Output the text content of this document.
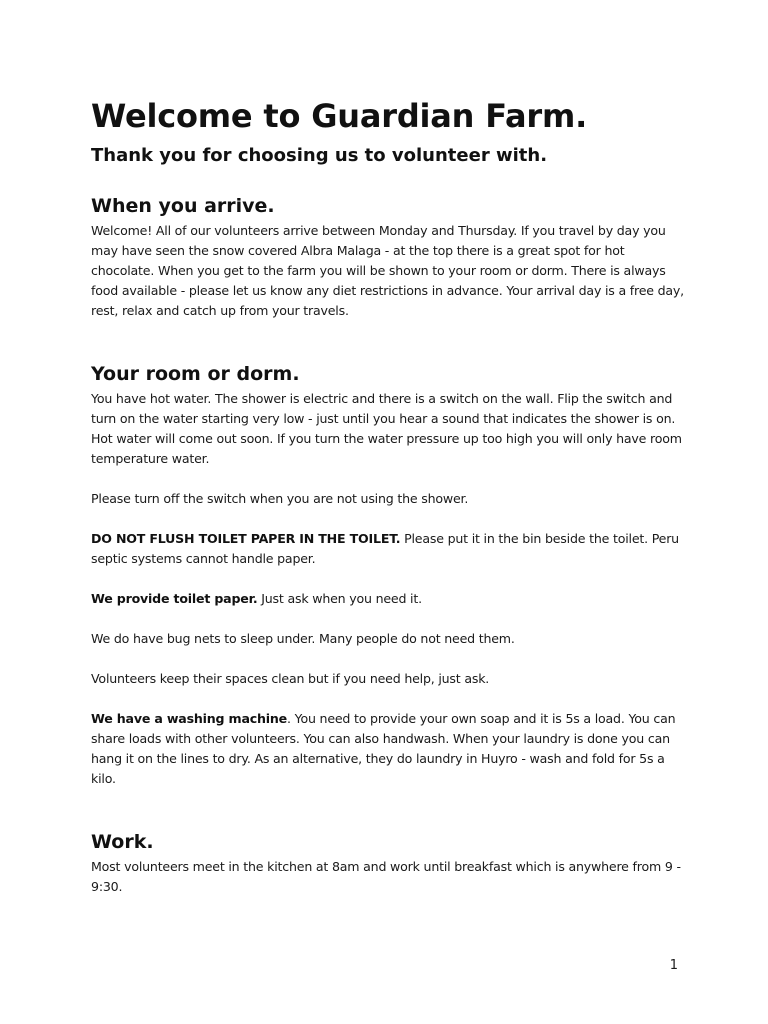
Welcome to Guardian Farm.
Thank you for choosing us to volunteer with.
When you arrive.

Welcome! All of our volunteers arrive between Monday and Thursday. If you travel by day you may have seen the snow covered Albra Malaga - at the top there is a great spot for hot chocolate. When you get to the farm you will be shown to your room or dorm. There is always food available - please let us know any diet restrictions in advance. Your arrival day is a free day, rest, relax and catch up from your travels.

Your room or dorm.

You have hot water. The shower is electric and there is a switch on the wall. Flip the switch and turn on the water starting very low - just until you hear a sound that indicates the shower is on. Hot water will come out soon. If you turn the water pressure up too high you will only have room temperature water.

Please turn off the switch when you are not using the shower.

DO NOT FLUSH TOILET PAPER IN THE TOILET. Please put it in the bin beside the toilet. Peru septic systems cannot handle paper.

We provide toilet paper. Just ask when you need it.

We do have bug nets to sleep under. Many people do not need them.

Volunteers keep their spaces clean but if you need help, just ask.

We have a washing machine. You need to provide your own soap and it is 5s a load. You can share loads with other volunteers. You can also handwash. When your laundry is done you can hang it on the lines to dry. As an alternative, they do laundry in Huyro - wash and fold for 5s a kilo.

Work.

Most volunteers meet in the kitchen at 8am and work until breakfast which is anywhere from 9 - 9:30.

1
